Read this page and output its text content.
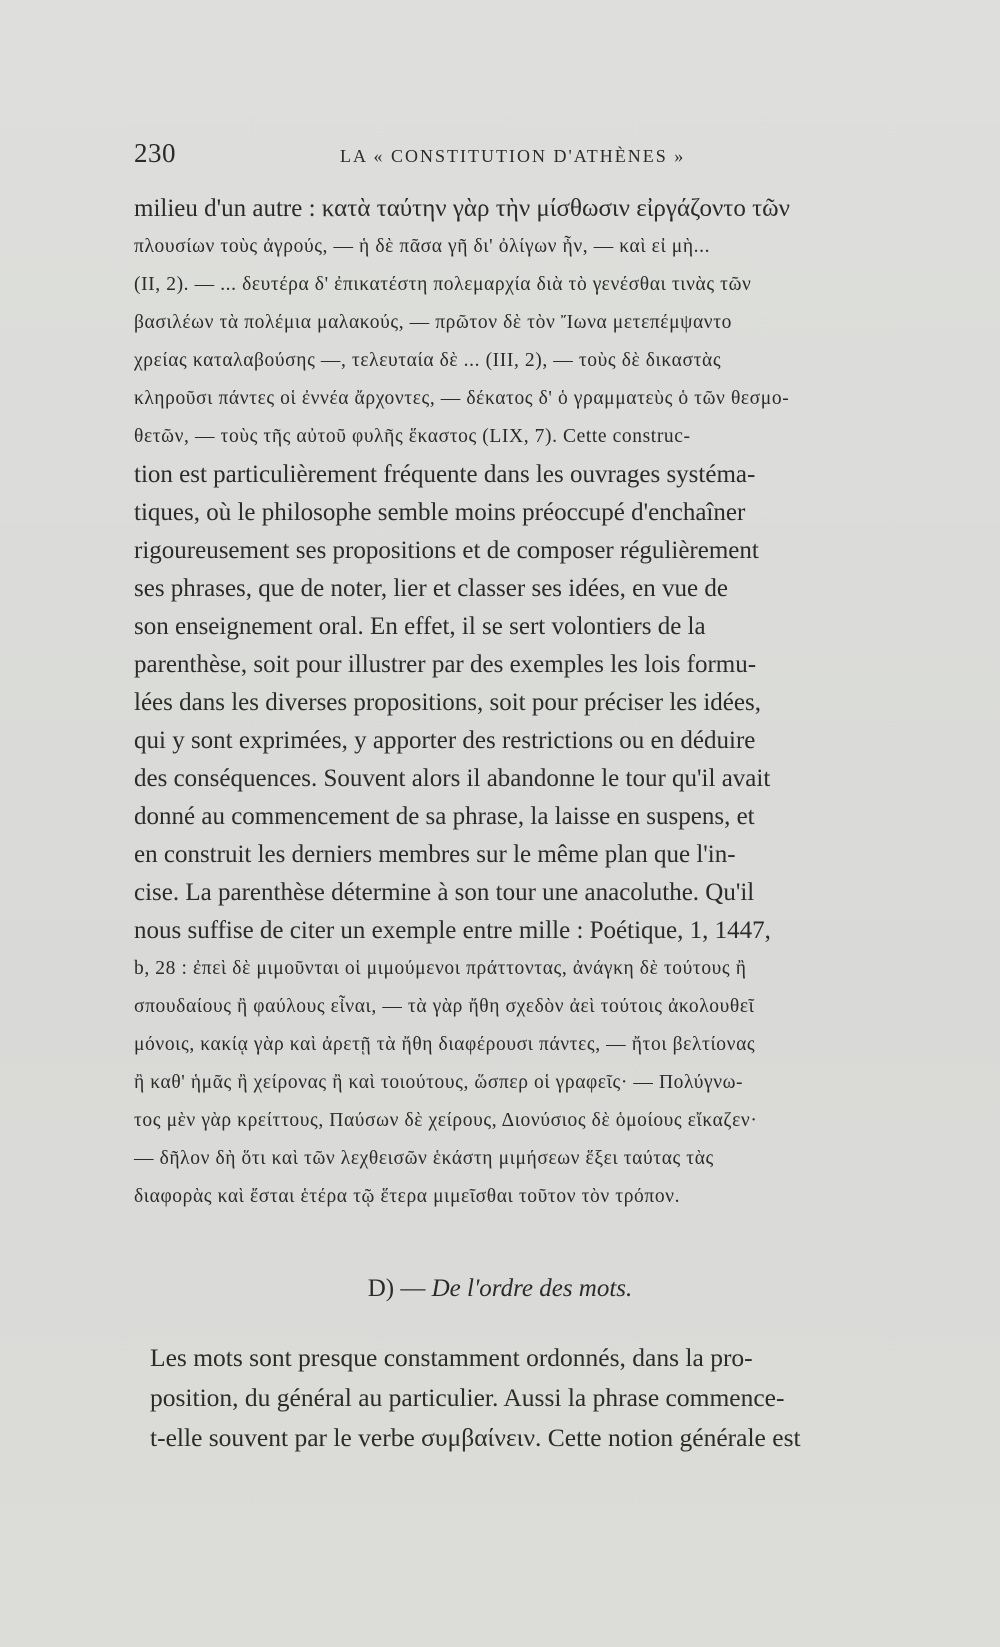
230	LA « CONSTITUTION D'ATHÈNES »
milieu d'un autre : κατὰ ταύτην γὰρ τὴν μίσθωσιν εἰργάζοντο τῶν
πλουσίων τοὺς ἀγρούς, — ἡ δὲ πᾶσα γῆ δι' ὀλίγων ἦν, — καὶ εἰ μὴ...
(II, 2). — ... δευτέρα δ' ἐπικατέστη πολεμαρχία διὰ τὸ γενέσθαι τινὰς τῶν
βασιλέων τὰ πολέμια μαλακούς, — πρῶτον δὲ τὸν Ἴωνα μετεπέμψαντο
χρείας καταλαβούσης —, τελευταία δὲ ... (III, 2), — τοὺς δὲ δικαστὰς
κληροῦσι πάντες οἱ ἐννέα ἄρχοντες, — δέκατος δ' ὁ γραμματεὺς ὁ τῶν θεσμο-
θετῶν, — τοὺς τῆς αὐτοῦ φυλῆς ἕκαστος (LIX, 7). Cette construc-
tion est particulièrement fréquente dans les ouvrages systéma-
tiques, où le philosophe semble moins préoccupé d'enchaîner
rigoureusement ses propositions et de composer régulièrement
ses phrases, que de noter, lier et classer ses idées, en vue de
son enseignement oral. En effet, il se sert volontiers de la
parenthèse, soit pour illustrer par des exemples les lois formu-
lées dans les diverses propositions, soit pour préciser les idées,
qui y sont exprimées, y apporter des restrictions ou en déduire
des conséquences. Souvent alors il abandonne le tour qu'il avait
donné au commencement de sa phrase, la laisse en suspens, et
en construit les derniers membres sur le même plan que l'in-
cise. La parenthèse détermine à son tour une anacoluthe. Qu'il
nous suffise de citer un exemple entre mille : Poétique, 1, 1447,
b, 28 : ἐπεὶ δὲ μιμοῦνται οἱ μιμούμενοι πράττοντας, ἀνάγκη δὲ τούτους ἢ
σπουδαίους ἢ φαύλους εἶναι, — τὰ γὰρ ἤθη σχεδὸν ἀεὶ τούτοις ἀκολουθεῖ
μόνοις, κακίᾳ γὰρ καὶ ἀρετῇ τὰ ἤθη διαφέρουσι πάντες, — ἤτοι βελτίονας
ἢ καθ' ἡμᾶς ἢ χείρονας ἢ καὶ τοιούτους, ὥσπερ οἱ γραφεῖς· — Πολύγνω-
τος μὲν γὰρ κρείττους, Παύσων δὲ χείρους, Διονύσιος δὲ ὁμοίους εἴκαζεν·
— δῆλον δὴ ὅτι καὶ τῶν λεχθεισῶν ἑκάστη μιμήσεων ἕξει ταύτας τὰς
διαφορὰς καὶ ἔσται ἑτέρα τῷ ἕτερα μιμεῖσθαι τοῦτον τὸν τρόπον.
D) — De l'ordre des mots.
Les mots sont presque constamment ordonnés, dans la pro-
position, du général au particulier. Aussi la phrase commence-
t-elle souvent par le verbe συμβαίνειν. Cette notion générale est
